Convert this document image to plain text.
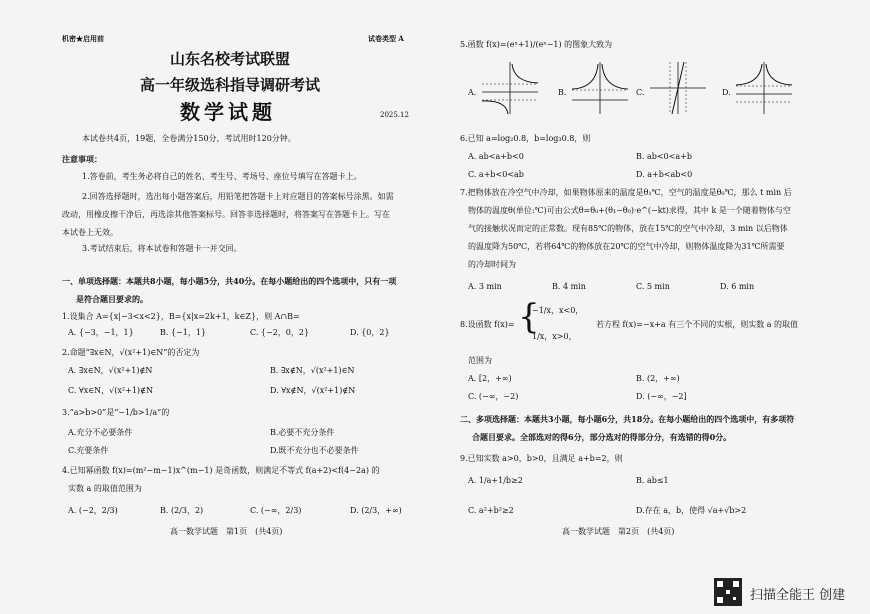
机密★启用前	试卷类型 A
山东名校考试联盟
高一年级选科指导调研考试
数学试题	2025.12
本试卷共4页，19题，全卷满分150分，考试用时120分钟。
注意事项：
1.答卷前，考生务必将自己的姓名、考生号、考场号、座位号填写在答题卡上。
2.回答选择题时，选出每小题答案后，用铅笔把答题卡上对应题目的答案标号涂黑。如需
改动，用橡皮擦干净后，再选涂其他答案标号。回答非选择题时，将答案写在答题卡上。写在
本试卷上无效。
3.考试结束后，将本试卷和答题卡一并交回。
一、单项选择题：本题共8小题，每小题5分，共40分。在每小题给出的四个选项中，只有一项
是符合题目要求的。
1.设集合 A={x|−3<x<2}，B={x|x=2k+1，k∈Z}，则 A∩B=
A. {−3，−1，1}	B. {−1，1}	C. {−2，0，2}	D. {0，2}
2.命题“∃x∈N，√(x²+1)∈N”的否定为
A. ∃x∈N，√(x²+1)∉N	B. ∃x∉N，√(x²+1)∈N
C. ∀x∈N，√(x²+1)∉N	D. ∀x∉N，√(x²+1)∉N
3.“a>b>0”是“−1/b>1/a”的
A.充分不必要条件	B.必要不充分条件
C.充要条件	D.既不充分也不必要条件
4.已知幂函数 f(x)=(m²−m−1)x^(m−1) 是奇函数，则满足不等式 f(a+2)<f(4−2a) 的
实数 a 的取值范围为
A. (−2，2/3)	B. (2/3，2)	C. (−∞，2/3)	D. (2/3，+∞)
高一数学试题　第1页　(共4页)
5.函数 f(x)=(eˣ+1)/(eˣ−1) 的图象大致为
A.	B.	C.	D.
6.已知 a=log₂0.8，b=log₃0.8，则
A. ab<a+b<0	B. ab<0<a+b
C. a+b<0<ab	D. a+b<ab<0
7.把物体放在冷空气中冷却，如果物体原来的温度是θ₁℃，空气的温度是θ₀℃，那么 t min 后
物体的温度θ(单位:℃)可由公式θ=θ₀+(θ₁−θ₀)·e^(−kt)求得，其中 k 是一个随着物体与空
气的接触状况而定的正常数。现有85℃的物体，放在15℃的空气中冷却，3 min 以后物体
的温度降为50℃，若将64℃的物体放在20℃的空气中冷却，则物体温度降为31℃所需要
的冷却时间为
A. 3 min	B. 4 min	C. 5 min	D. 6 min
8.设函数 f(x)= {
−1/x，x<0，
1/x，x>0，
若方程 f(x)=−x+a 有三个不同的实根，则实数 a 的取值
范围为
A. [2，+∞)	B. (2，+∞)
C. (−∞，−2)	D. (−∞，−2]
二、多项选择题：本题共3小题，每小题6分，共18分。在每小题给出的四个选项中，有多项符
合题目要求。全部选对的得6分，部分选对的得部分分，有选错的得0分。
9.已知实数 a>0，b>0，且满足 a+b=2，则
A. 1/a+1/b≥2	B. ab≤1
C. a²+b²≥2	D.存在 a，b，使得 √a+√b>2
高一数学试题　第2页　(共4页)
扫描全能王 创建
